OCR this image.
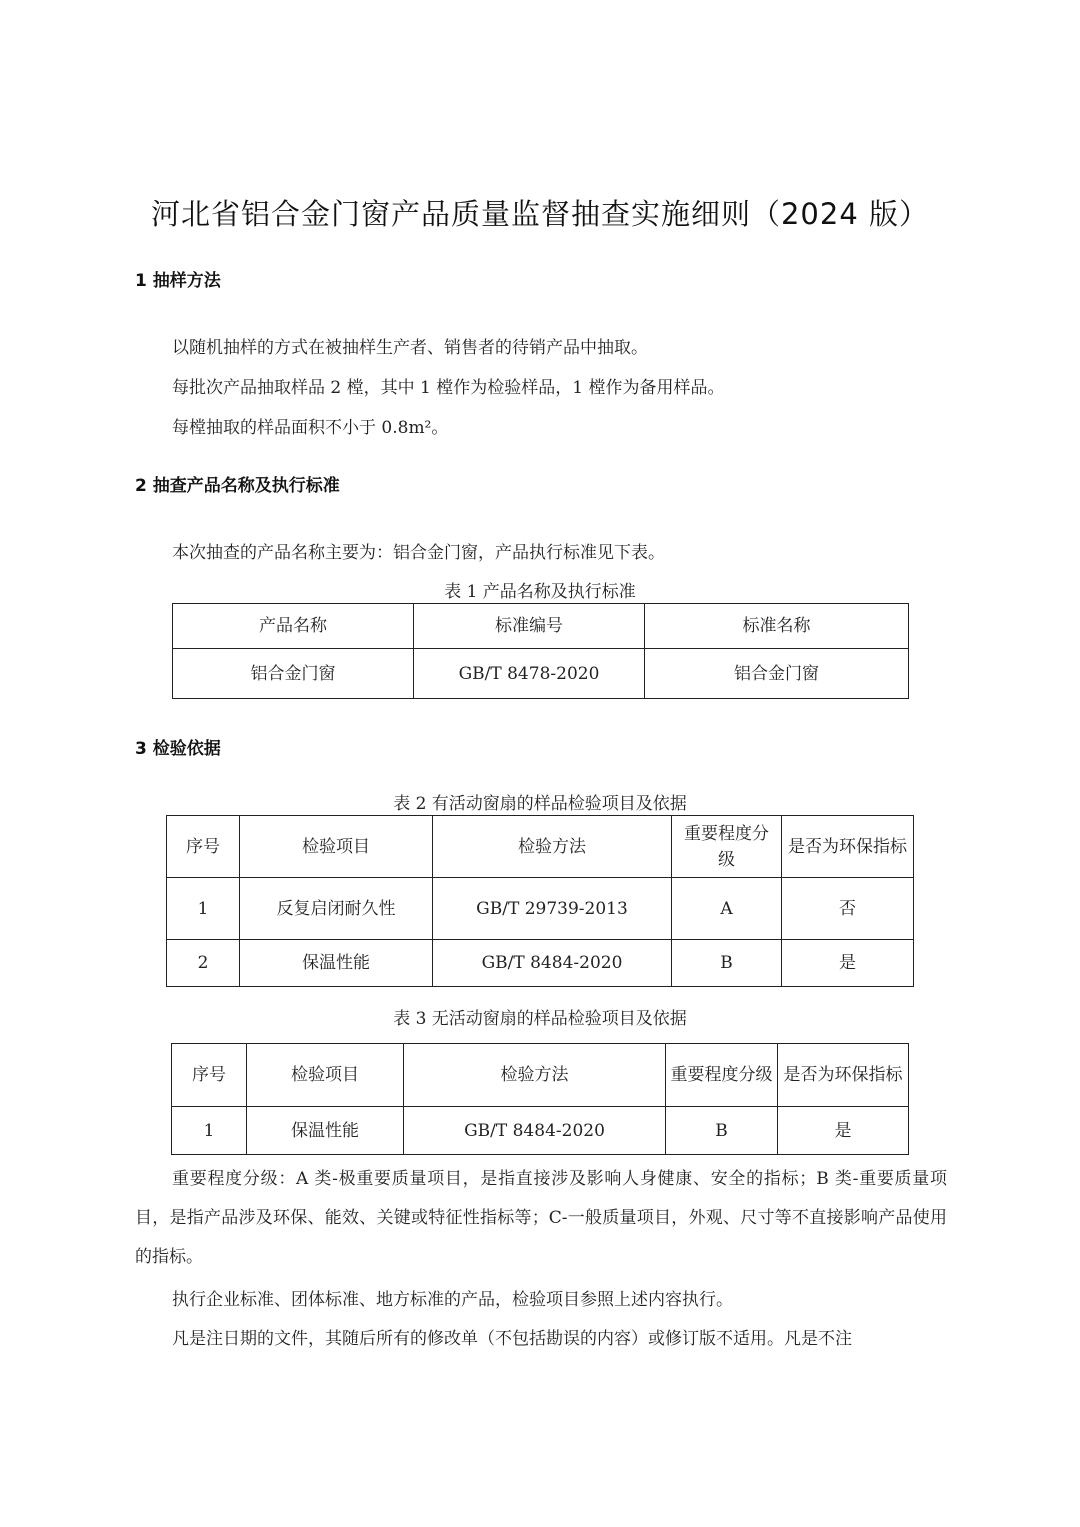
河北省铝合金门窗产品质量监督抽查实施细则（2024 版）
1 抽样方法
以随机抽样的方式在被抽样生产者、销售者的待销产品中抽取。
每批次产品抽取样品 2 樘，其中 1 樘作为检验样品，1 樘作为备用样品。
每樘抽取的样品面积不小于 0.8m²。
2 抽查产品名称及执行标准
本次抽查的产品名称主要为：铝合金门窗，产品执行标准见下表。
表 1 产品名称及执行标准
产品名称	标准编号	标准名称
铝合金门窗	GB/T 8478-2020	铝合金门窗
3 检验依据
表 2 有活动窗扇的样品检验项目及依据
序号	检验项目	检验方法	重要程度分级	是否为环保指标
1	反复启闭耐久性	GB/T 29739-2013	A	否
2	保温性能	GB/T 8484-2020	B	是
表 3 无活动窗扇的样品检验项目及依据
序号	检验项目	检验方法	重要程度分级	是否为环保指标
1	保温性能	GB/T 8484-2020	B	是
重要程度分级：A 类-极重要质量项目，是指直接涉及影响人身健康、安全的指标；B 类-重要质量项目，是指产品涉及环保、能效、关键或特征性指标等；C-一般质量项目，外观、尺寸等不直接影响产品使用的指标。
执行企业标准、团体标准、地方标准的产品，检验项目参照上述内容执行。
凡是注日期的文件，其随后所有的修改单（不包括勘误的内容）或修订版不适用。凡是不注
